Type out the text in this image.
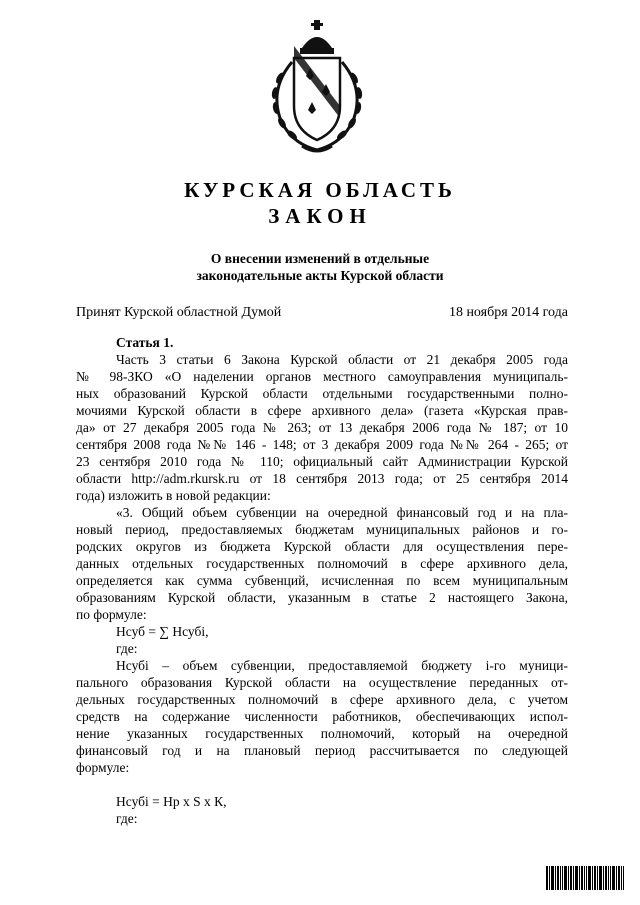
КУРСКАЯ ОБЛАСТЬ
ЗАКОН
О внесении изменений в отдельные
законодательные акты Курской области
Принят Курской областной Думой	18 ноября 2014 года
Статья 1.
Часть 3 статьи 6 Закона Курской области от 21 декабря 2005 года
№ 98-ЗКО «О наделении органов местного самоуправления муниципаль-
ных образований Курской области отдельными государственными полно-
мочиями Курской области в сфере архивного дела» (газета «Курская прав-
да» от 27 декабря 2005 года № 263; от 13 декабря 2006 года № 187; от 10
сентября 2008 года №№ 146 - 148; от 3 декабря 2009 года №№ 264 - 265; от
23 сентября 2010 года № 110; официальный сайт Администрации Курской
области http://adm.rkursk.ru от 18 сентября 2013 года; от 25 сентября 2014
года) изложить в новой редакции:
«3. Общий объем субвенции на очередной финансовый год и на пла-
новый период, предоставляемых бюджетам муниципальных районов и го-
родских округов из бюджета Курской области для осуществления пере-
данных отдельных государственных полномочий в сфере архивного дела,
определяется как сумма субвенций, исчисленная по всем муниципальным
образованиям Курской области, указанным в статье 2 настоящего Закона,
по формуле:
Нсуб = ∑ Нсубi,
где:
Нсубi – объем субвенции, предоставляемой бюджету i-го муници-
пального образования Курской области на осуществление переданных от-
дельных государственных полномочий в сфере архивного дела, с учетом
средств на содержание численности работников, обеспечивающих испол-
нение указанных государственных полномочий, который на очередной
финансовый год и на плановый период рассчитывается по следующей
формуле:
Нсубi = Нр х S х К,
где:
